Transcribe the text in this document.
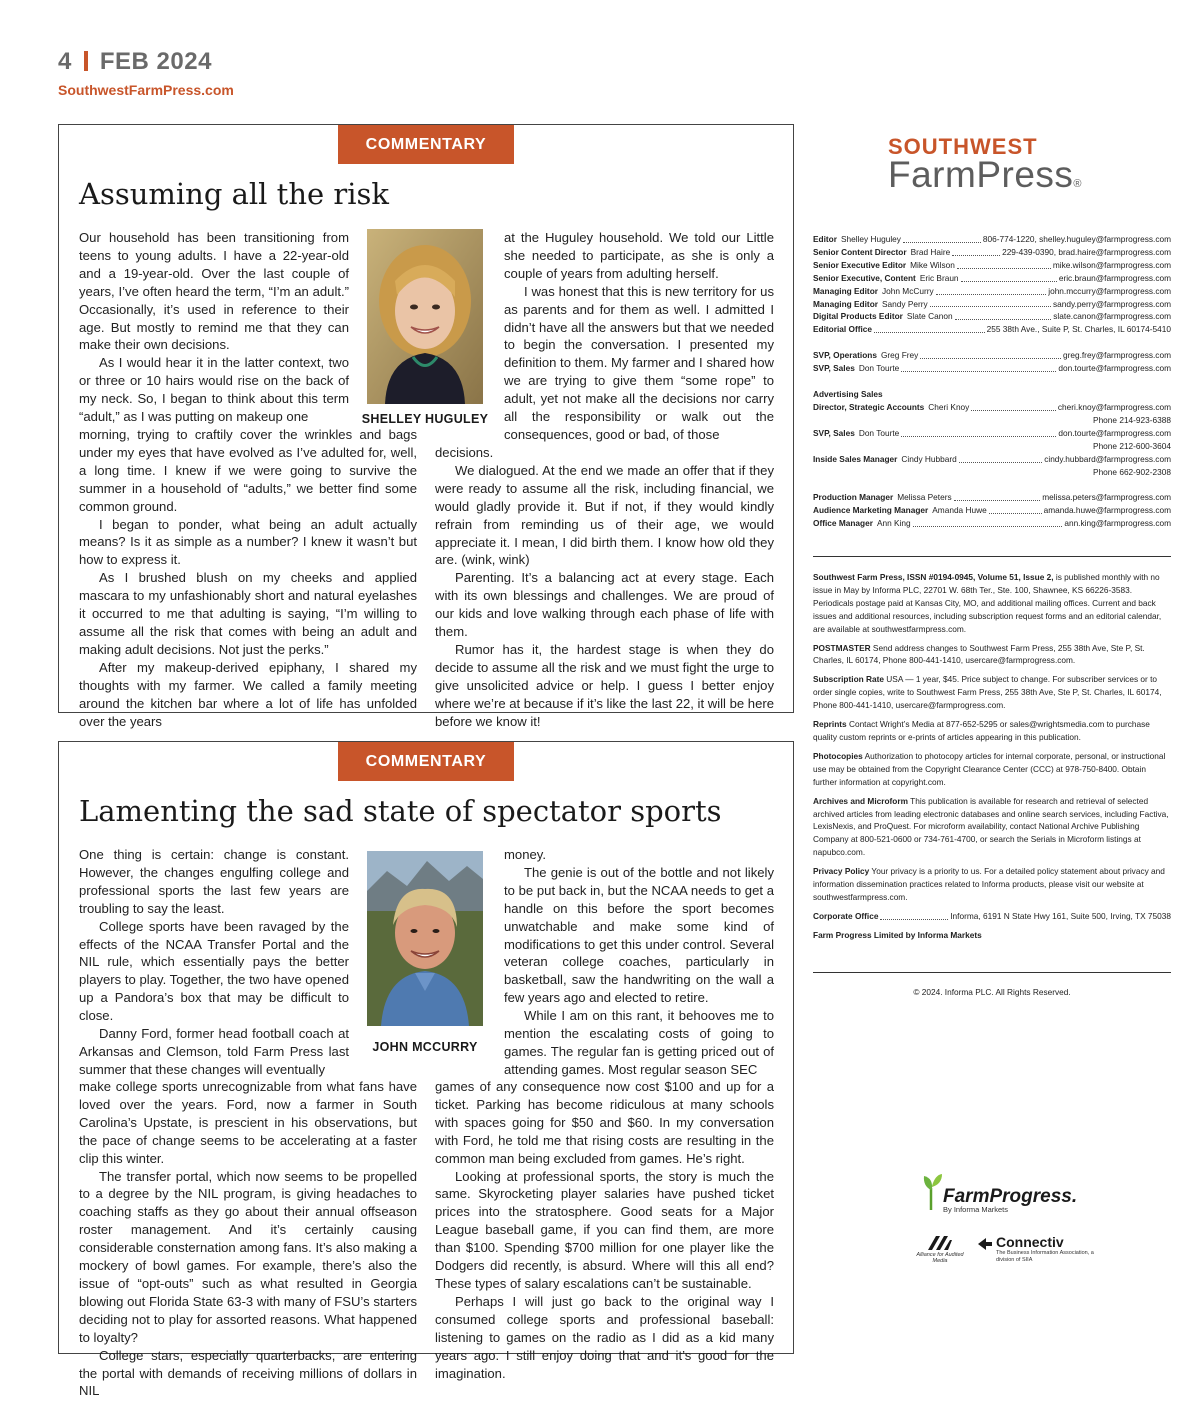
4 FEB 2024
SouthwestFarmPress.com
COMMENTARY
Assuming all the risk

Our household has been transitioning from teens to young adults. I have a 22-year-old and a 19-year-old. Over the last couple of years, I’ve often heard the term, “I’m an adult.” Occasionally, it’s used in reference to their age. But mostly to remind me that they can make their own decisions.

As I would hear it in the latter context, two or three or 10 hairs would rise on the back of my neck. So, I began to think about this term “adult,” as I was putting on makeup one

morning, trying to craftily cover the wrinkles and bags under my eyes that have evolved as I’ve adulted for, well, a long time. I knew if we were going to survive the summer in a household of “adults,” we better find some common ground.

I began to ponder, what being an adult actually means? Is it as simple as a number? I knew it wasn’t but how to express it.

As I brushed blush on my cheeks and applied mascara to my unfashionably short and natural eyelashes it occurred to me that adulting is saying, “I’m willing to assume all the risk that comes with being an adult and making adult decisions. Not just the perks.”

After my makeup-derived epiphany, I shared my thoughts with my farmer. We called a family meeting around the kitchen bar where a lot of life has unfolded over the years

SHELLEY HUGULEY

at the Huguley household. We told our Little she needed to participate, as she is only a couple of years from adulting herself.

I was honest that this is new territory for us as parents and for them as well. I admitted I didn’t have all the answers but that we needed to begin the conversation. I presented my definition to them. My farmer and I shared how we are trying to give them “some rope” to adult, yet not make all the decisions nor carry all the responsibility or walk out the consequences, good or bad, of those

decisions.

We dialogued. At the end we made an offer that if they were ready to assume all the risk, including financial, we would gladly provide it. But if not, if they would kindly refrain from reminding us of their age, we would appreciate it. I mean, I did birth them. I know how old they are. (wink, wink)

Parenting. It’s a balancing act at every stage. Each with its own blessings and challenges. We are proud of our kids and love walking through each phase of life with them.

Rumor has it, the hardest stage is when they do decide to assume all the risk and we must fight the urge to give unsolicited advice or help. I guess I better enjoy where we’re at because if it’s like the last 22, it will be here before we know it!

COMMENTARY
Lamenting the sad state of spectator sports

One thing is certain: change is constant. However, the changes engulfing college and professional sports the last few years are troubling to say the least.

College sports have been ravaged by the effects of the NCAA Transfer Portal and the NIL rule, which essentially pays the better players to play. Together, the two have opened up a Pandora’s box that may be difficult to close.

Danny Ford, former head football coach at Arkansas and Clemson, told Farm Press last summer that these changes will eventually

make college sports unrecognizable from what fans have loved over the years. Ford, now a farmer in South Carolina’s Upstate, is prescient in his observations, but the pace of change seems to be accelerating at a faster clip this winter.

The transfer portal, which now seems to be propelled to a degree by the NIL program, is giving headaches to coaching staffs as they go about their annual offseason roster management. And it’s certainly causing considerable consternation among fans. It’s also making a mockery of bowl games. For example, there’s also the issue of “opt-outs” such as what resulted in Georgia blowing out Florida State 63-3 with many of FSU’s starters deciding not to play for assorted reasons. What happened to loyalty?

College stars, especially quarterbacks, are entering the portal with demands of receiving millions of dollars in NIL

JOHN MCCURRY

money.

The genie is out of the bottle and not likely to be put back in, but the NCAA needs to get a handle on this before the sport becomes unwatchable and make some kind of modifications to get this under control. Several veteran college coaches, particularly in basketball, saw the handwriting on the wall a few years ago and elected to retire.

While I am on this rant, it behooves me to mention the escalating costs of going to games. The regular fan is getting priced out of attending games. Most regular season SEC

games of any consequence now cost $100 and up for a ticket. Parking has become ridiculous at many schools with spaces going for $50 and $60. In my conversation with Ford, he told me that rising costs are resulting in the common man being excluded from games. He’s right.

Looking at professional sports, the story is much the same. Skyrocketing player salaries have pushed ticket prices into the stratosphere. Good seats for a Major League baseball game, if you can find them, are more than $100. Spending $700 million for one player like the Dodgers did recently, is absurd. Where will this all end? These types of salary escalations can’t be sustainable.

Perhaps I will just go back to the original way I consumed college sports and professional baseball: listening to games on the radio as I did as a kid many years ago. I still enjoy doing that and it’s good for the imagination.

SOUTHWEST
FarmPress®
Editor Shelley Huguley	806-774-1220, shelley.huguley@farmprogress.com
Senior Content Director Brad Haire	229-439-0390, brad.haire@farmprogress.com
Senior Executive Editor Mike Wilson	mike.wilson@farmprogress.com
Senior Executive, Content Eric Braun	eric.braun@farmprogress.com
Managing Editor John McCurry	john.mccurry@farmprogress.com
Managing Editor Sandy Perry	sandy.perry@farmprogress.com
Digital Products Editor Slate Canon	slate.canon@farmprogress.com
Editorial Office	255 38th Ave., Suite P, St. Charles, IL 60174-5410
SVP, Operations Greg Frey	greg.frey@farmprogress.com
SVP, Sales Don Tourte	don.tourte@farmprogress.com
Advertising Sales
Director, Strategic Accounts Cheri Knoy	cheri.knoy@farmprogress.com
Phone 214-923-6388
SVP, Sales Don Tourte	don.tourte@farmprogress.com
Phone 212-600-3604
Inside Sales Manager Cindy Hubbard	cindy.hubbard@farmprogress.com
Phone 662-902-2308
Production Manager Melissa Peters	melissa.peters@farmprogress.com
Audience Marketing Manager Amanda Huwe	amanda.huwe@farmprogress.com
Office Manager Ann King	ann.king@farmprogress.com

Southwest Farm Press, ISSN #0194-0945, Volume 51, Issue 2, is published monthly with no issue in May by Informa PLC, 22701 W. 68th Ter., Ste. 100, Shawnee, KS 66226-3583. Periodicals postage paid at Kansas City, MO, and additional mailing offices. Current and back issues and additional resources, including subscription request forms and an editorial calendar, are available at southwestfarmpress.com.

POSTMASTER Send address changes to Southwest Farm Press, 255 38th Ave, Ste P, St. Charles, IL 60174, Phone 800-441-1410, usercare@farmprogress.com.

Subscription Rate USA — 1 year, $45. Price subject to change. For subscriber services or to order single copies, write to Southwest Farm Press, 255 38th Ave, Ste P, St. Charles, IL 60174, Phone 800-441-1410, usercare@farmprogress.com.

Reprints Contact Wright’s Media at 877-652-5295 or sales@wrightsmedia.com to purchase quality custom reprints or e-prints of articles appearing in this publication.

Photocopies Authorization to photocopy articles for internal corporate, personal, or instructional use may be obtained from the Copyright Clearance Center (CCC) at 978-750-8400. Obtain further information at copyright.com.

Archives and Microform This publication is available for research and retrieval of selected archived articles from leading electronic databases and online search services, including Factiva, LexisNexis, and ProQuest. For microform availability, contact National Archive Publishing Company at 800-521-0600 or 734-761-4700, or search the Serials in Microform listings at napubco.com.

Privacy Policy Your privacy is a priority to us. For a detailed policy statement about privacy and information dissemination practices related to Informa products, please visit our website at southwestfarmpress.com.

Corporate Office	Informa, 6191 N State Hwy 161, Suite 500, Irving, TX 75038
Farm Progress Limited by Informa Markets
© 2024. Informa PLC. All Rights Reserved.
FarmProgress.
By Informa Markets
Alliance for Audited Media
Connectiv
The Business Information Association, a division of SIIA
